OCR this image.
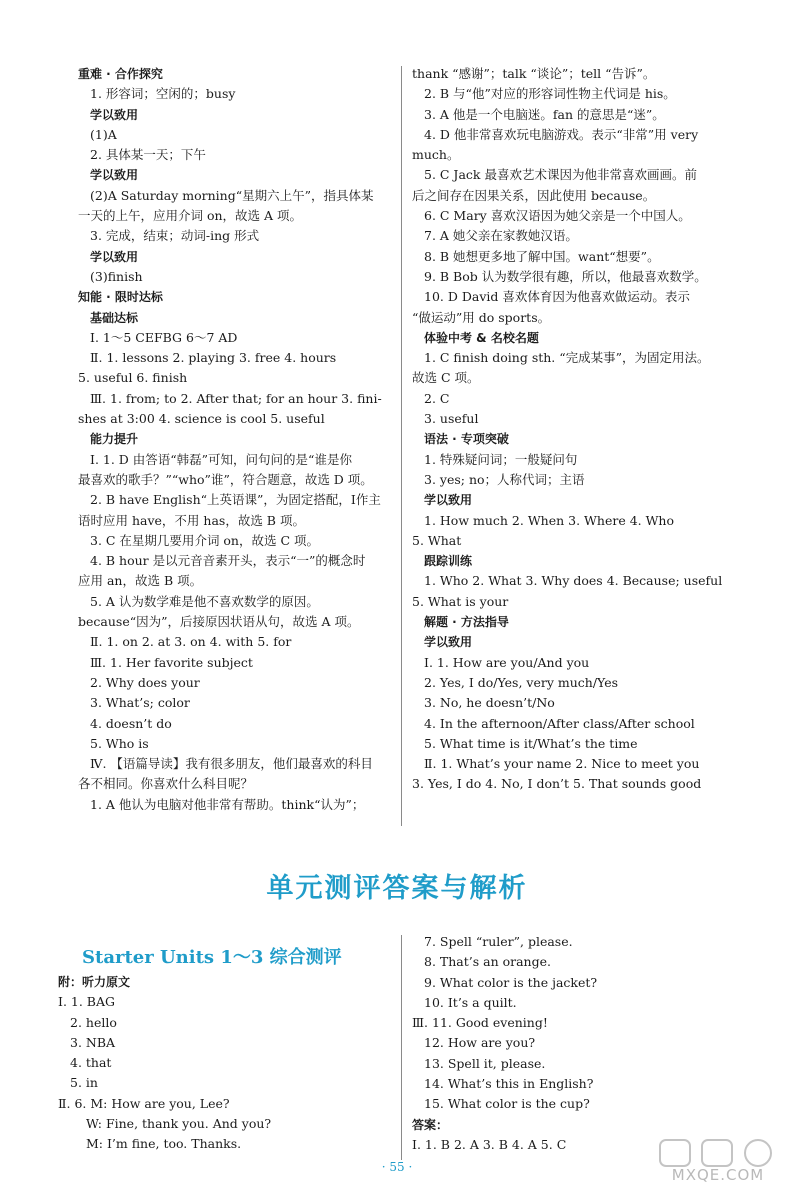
重难 · 合作探究
1. 形容词；空闲的；busy
学以致用
(1)A
2. 具体某一天；下午
学以致用
(2)A Saturday morning“星期六上午”，指具体某
一天的上午，应用介词 on，故选 A 项。
3. 完成，结束；动词-ing 形式
学以致用
(3)finish
知能 · 限时达标
基础达标
Ⅰ. 1～5 CEFBG 6～7 AD
Ⅱ. 1. lessons 2. playing 3. free 4. hours
5. useful 6. finish
Ⅲ. 1. from; to 2. After that; for an hour 3. fini-
shes at 3:00 4. science is cool 5. useful
能力提升
Ⅰ. 1. D 由答语“韩磊”可知，问句问的是“谁是你
最喜欢的歌手？”“who”谁”，符合题意，故选 D 项。
2. B have English“上英语课”，为固定搭配，Ⅰ作主
语时应用 have，不用 has，故选 B 项。
3. C 在星期几要用介词 on，故选 C 项。
4. B hour 是以元音音素开头，表示“一”的概念时
应用 an，故选 B 项。
5. A 认为数学难是他不喜欢数学的原因。
because“因为”，后接原因状语从句，故选 A 项。
Ⅱ. 1. on 2. at 3. on 4. with 5. for
Ⅲ. 1. Her favorite subject
2. Why does your
3. What’s; color
4. doesn’t do
5. Who is
Ⅳ. 【语篇导读】我有很多朋友，他们最喜欢的科目
各不相同。你喜欢什么科目呢？
1. A 他认为电脑对他非常有帮助。think“认为”；
thank “感谢”；talk “谈论”；tell “告诉”。
2. B 与“他”对应的形容词性物主代词是 his。
3. A 他是一个电脑迷。fan 的意思是“迷”。
4. D 他非常喜欢玩电脑游戏。表示“非常”用 very
much。
5. C Jack 最喜欢艺术课因为他非常喜欢画画。前
后之间存在因果关系，因此使用 because。
6. C Mary 喜欢汉语因为她父亲是一个中国人。
7. A 她父亲在家教她汉语。
8. B 她想更多地了解中国。want“想要”。
9. B Bob 认为数学很有趣，所以，他最喜欢数学。
10. D David 喜欢体育因为他喜欢做运动。表示
“做运动”用 do sports。
体验中考 & 名校名题
1. C finish doing sth. “完成某事”，为固定用法。
故选 C 项。
2. C
3. useful
语法 · 专项突破
1. 特殊疑问词；一般疑问句
3. yes; no；人称代词；主语
学以致用
1. How much 2. When 3. Where 4. Who
5. What
跟踪训练
1. Who 2. What 3. Why does 4. Because; useful
5. What is your
解题 · 方法指导
学以致用
Ⅰ. 1. How are you/And you
2. Yes, I do/Yes, very much/Yes
3. No, he doesn’t/No
4. In the afternoon/After class/After school
5. What time is it/What’s the time
Ⅱ. 1. What’s your name 2. Nice to meet you
3. Yes, I do 4. No, I don’t 5. That sounds good
单元测评答案与解析
Starter Units 1～3 综合测评
附：听力原文
Ⅰ. 1. BAG
2. hello
3. NBA
4. that
5. in
Ⅱ. 6. M: How are you, Lee?
W: Fine, thank you. And you?
M: I’m fine, too. Thanks.
7. Spell “ruler”, please.
8. That’s an orange.
9. What color is the jacket?
10. It’s a quilt.
Ⅲ. 11. Good evening!
12. How are you?
13. Spell it, please.
14. What’s this in English?
15. What color is the cup?
答案：
Ⅰ. 1. B 2. A 3. B 4. A 5. C
· 55 ·	MXQE.COM
